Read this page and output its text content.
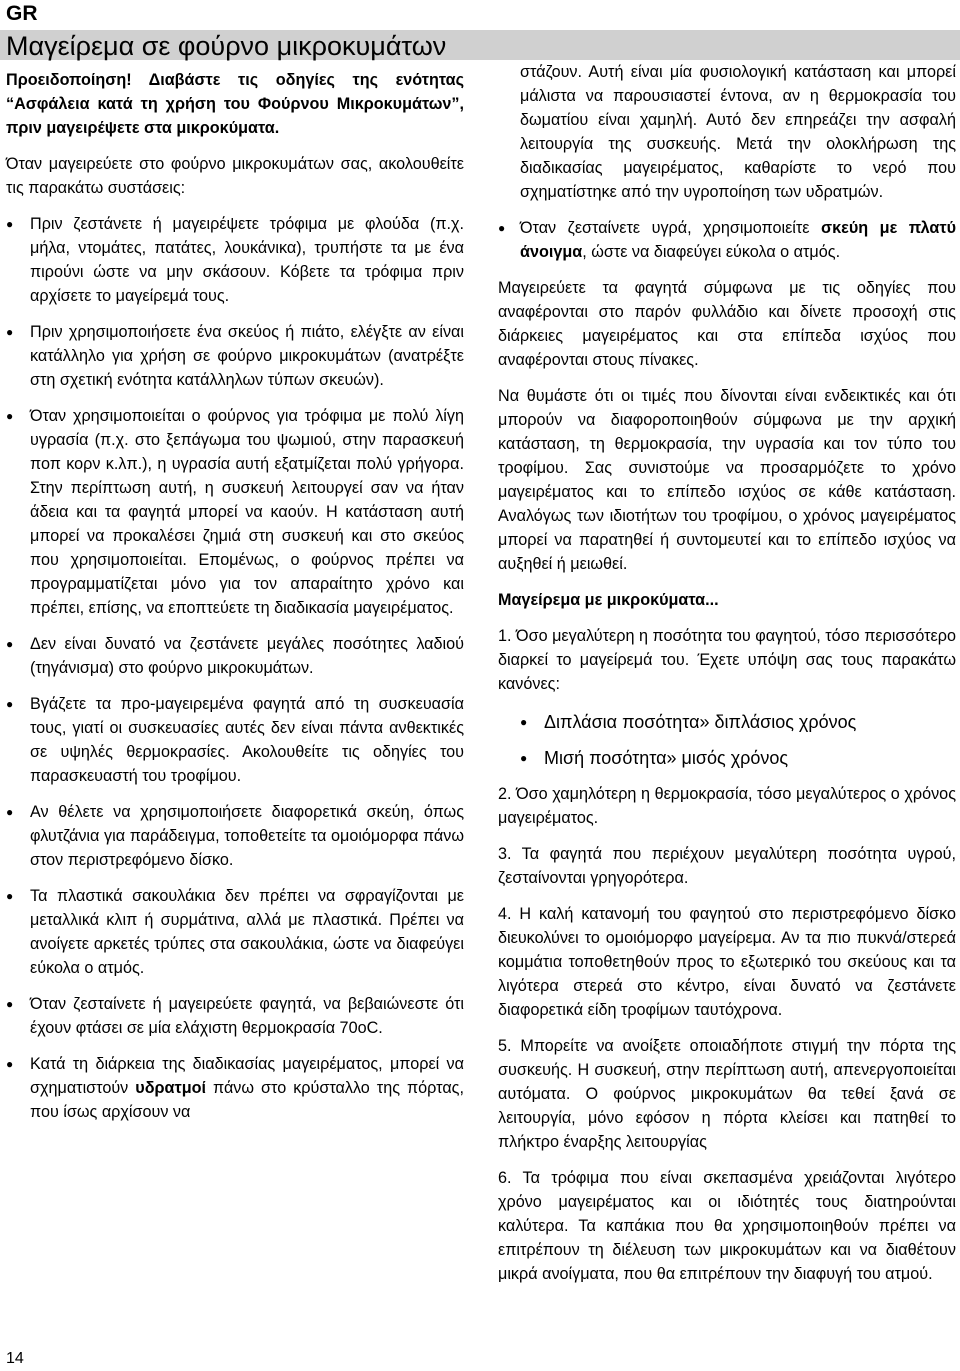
GR
Μαγείρεμα σε φούρνο μικροκυμάτων

Προειδοποίηση! Διαβάστε τις οδηγίες της ενότητας “Ασφάλεια κατά τη χρήση του Φούρνου Μικροκυμάτων”, πριν μαγειρέψετε στα μικροκύματα.

Όταν μαγειρεύετε στο φούρνο μικροκυμάτων σας, ακολουθείτε τις παρακάτω συστάσεις:

● Πριν ζεστάνετε ή μαγειρέψετε τρόφιμα με φλούδα (π.χ. μήλα, ντομάτες, πατάτες, λουκάνικα), τρυπήστε τα με ένα πιρούνι ώστε να μην σκάσουν. Κόβετε τα τρόφιμα πριν αρχίσετε το μαγείρεμά τους.
● Πριν χρησιμοποιήσετε ένα σκεύος ή πιάτο, ελέγξτε αν είναι κατάλληλο για χρήση σε φούρνο μικροκυμάτων (ανατρέξτε στη σχετική ενότητα κατάλληλων τύπων σκευών).
● Όταν χρησιμοποιείται ο φούρνος για τρόφιμα με πολύ λίγη υγρασία (π.χ. στο ξεπάγωμα του ψωμιού, στην παρασκευή ποπ κορν κ.λπ.), η υγρασία αυτή εξατμίζεται πολύ γρήγορα. Στην περίπτωση αυτή, η συσκευή λειτουργεί σαν να ήταν άδεια και τα φαγητά μπορεί να καούν. Η κατάσταση αυτή μπορεί να προκαλέσει ζημιά στη συσκευή και στο σκεύος που χρησιμοποιείται. Επομένως, ο φούρνος πρέπει να προγραμματίζεται μόνο για τον απαραίτητο χρόνο και πρέπει, επίσης, να εποπτεύετε τη διαδικασία μαγειρέματος.
● Δεν είναι δυνατό να ζεστάνετε μεγάλες ποσότητες λαδιού (τηγάνισμα) στο φούρνο μικροκυμάτων.
● Βγάζετε τα προ-μαγειρεμένα φαγητά από τη συσκευασία τους, γιατί οι συσκευασίες αυτές δεν είναι πάντα ανθεκτικές σε υψηλές θερμοκρασίες. Ακολουθείτε τις οδηγίες του παρασκευαστή του τροφίμου.
● Αν θέλετε να χρησιμοποιήσετε διαφορετικά σκεύη, όπως φλυτζάνια για παράδειγμα, τοποθετείτε τα ομοιόμορφα πάνω στον περιστρεφόμενο δίσκο.
● Τα πλαστικά σακουλάκια δεν πρέπει να σφραγίζονται με μεταλλικά κλιπ ή συρμάτινα, αλλά με πλαστικά. Πρέπει να ανοίγετε αρκετές τρύπες στα σακουλάκια, ώστε να διαφεύγει εύκολα ο ατμός.
● Όταν ζεσταίνετε ή μαγειρεύετε φαγητά, να βεβαιώνεστε ότι έχουν φτάσει σε μία ελάχιστη θερμοκρασία 70oC.
● Κατά τη διάρκεια της διαδικασίας μαγειρέματος, μπορεί να σχηματιστούν υδρατμοί πάνω στο κρύσταλλο της πόρτας, που ίσως αρχίσουν να

στάζουν. Αυτή είναι μία φυσιολογική κατάσταση και μπορεί μάλιστα να παρουσιαστεί έντονα, αν η θερμοκρασία του δωματίου είναι χαμηλή. Αυτό δεν επηρεάζει την ασφαλή λειτουργία της συσκευής. Μετά την ολοκλήρωση της διαδικασίας μαγειρέματος, καθαρίστε το νερό που σχηματίστηκε από την υγροποίηση των υδρατμών.

● Όταν ζεσταίνετε υγρά, χρησιμοποιείτε σκεύη με πλατύ άνοιγμα, ώστε να διαφεύγει εύκολα ο ατμός.

Μαγειρεύετε τα φαγητά σύμφωνα με τις οδηγίες που αναφέρονται στο παρόν φυλλάδιο και δίνετε προσοχή στις διάρκειες μαγειρέματος και στα επίπεδα ισχύος που αναφέρονται στους πίνακες.

Να θυμάστε ότι οι τιμές που δίνονται είναι ενδεικτικές και ότι μπορούν να διαφοροποιηθούν σύμφωνα με την αρχική κατάσταση, τη θερμοκρασία, την υγρασία και τον τύπο του τροφίμου. Σας συνιστούμε να προσαρμόζετε το χρόνο μαγειρέματος και το επίπεδο ισχύος σε κάθε κατάσταση. Αναλόγως των ιδιοτήτων του τροφίμου, ο χρόνος μαγειρέματος μπορεί να παρατηθεί ή συντομευτεί και το επίπεδο ισχύος να αυξηθεί ή μειωθεί.

Μαγείρεμα με μικροκύματα...

1. Όσο μεγαλύτερη η ποσότητα του φαγητού, τόσο περισσότερο διαρκεί το μαγείρεμά του. Έχετε υπόψη σας τους παρακάτω κανόνες:

● Διπλάσια ποσότητα» διπλάσιος χρόνος
● Μισή ποσότητα» μισός χρόνος

2. Όσο χαμηλότερη η θερμοκρασία, τόσο μεγαλύτερος ο χρόνος μαγειρέματος.

3. Τα φαγητά που περιέχουν μεγαλύτερη ποσότητα υγρού, ζεσταίνονται γρηγορότερα.

4. Η καλή κατανομή του φαγητού στο περιστρεφόμενο δίσκο διευκολύνει το ομοιόμορφο μαγείρεμα. Αν τα πιο πυκνά/στερεά κομμάτια τοποθετηθούν προς το εξωτερικό του σκεύους και τα λιγότερα στερεά στο κέντρο, είναι δυνατό να ζεστάνετε διαφορετικά είδη τροφίμων ταυτόχρονα.

5. Μπορείτε να ανοίξετε οποιαδήποτε στιγμή την πόρτα της συσκευής. Η συσκευή, στην περίπτωση αυτή, απενεργοποιείται αυτόματα. Ο φούρνος μικροκυμάτων θα τεθεί ξανά σε λειτουργία, μόνο εφόσον η πόρτα κλείσει και πατηθεί το πλήκτρο έναρξης λειτουργίας

6. Τα τρόφιμα που είναι σκεπασμένα χρειάζονται λιγότερο χρόνο μαγειρέματος και οι ιδιότητές τους διατηρούνται καλύτερα. Τα καπάκια που θα χρησιμοποιηθούν πρέπει να επιτρέπουν τη διέλευση των μικροκυμάτων και να διαθέτουν μικρά ανοίγματα, που θα επιτρέπουν την διαφυγή του ατμού.

14
